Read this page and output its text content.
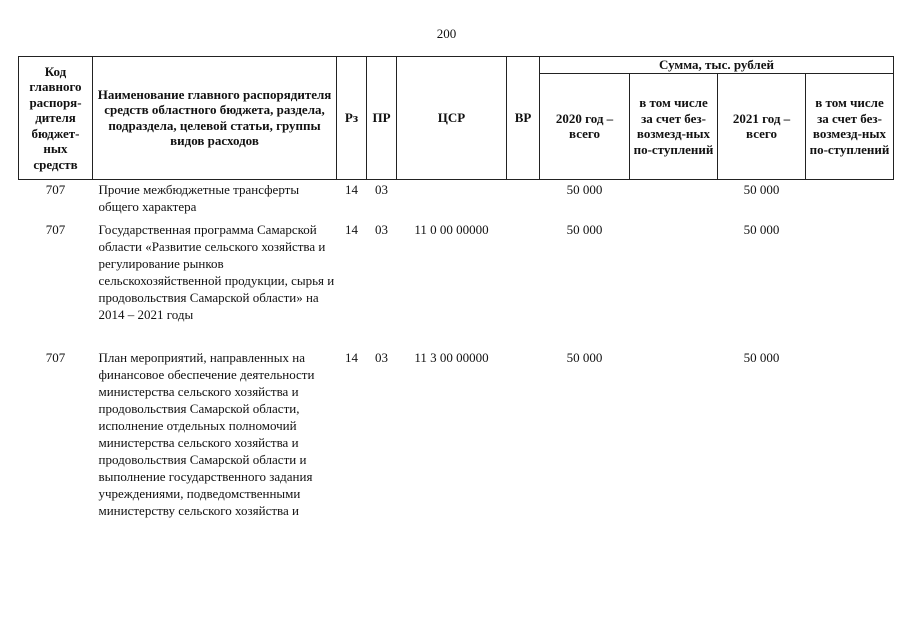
200
Код главного распоря-дителя бюджет-ных средств	Наименование главного распорядителя средств областного бюджета, раздела, подраздела, целевой статьи, группы видов расходов	Рз	ПР	ЦСР	ВР	Сумма, тыс. рублей			
						2020 год – всего	в том числе за счет без-возмезд-ных по-ступлений	2021 год – всего	в том числе за счет без-возмезд-ных по-ступлений
707	Прочие межбюджетные трансферты общего характера	14	03			50 000		50 000	
707	Государственная программа Самарской области «Развитие сельского хозяйства и регулирование рынков сельскохозяйственной продукции, сырья и продовольствия Самарской области» на 2014 – 2021 годы	14	03	11 0 00 00000		50 000		50 000	
707	План мероприятий, направленных на финансовое обеспечение деятельности министерства сельского хозяйства и продовольствия Самарской области, исполнение отдельных полномочий министерства сельского хозяйства и продовольствия Самарской области и выполнение государственного задания учреждениями, подведомственными министерству сельского хозяйства и	14	03	11 3 00 00000		50 000		50 000	
